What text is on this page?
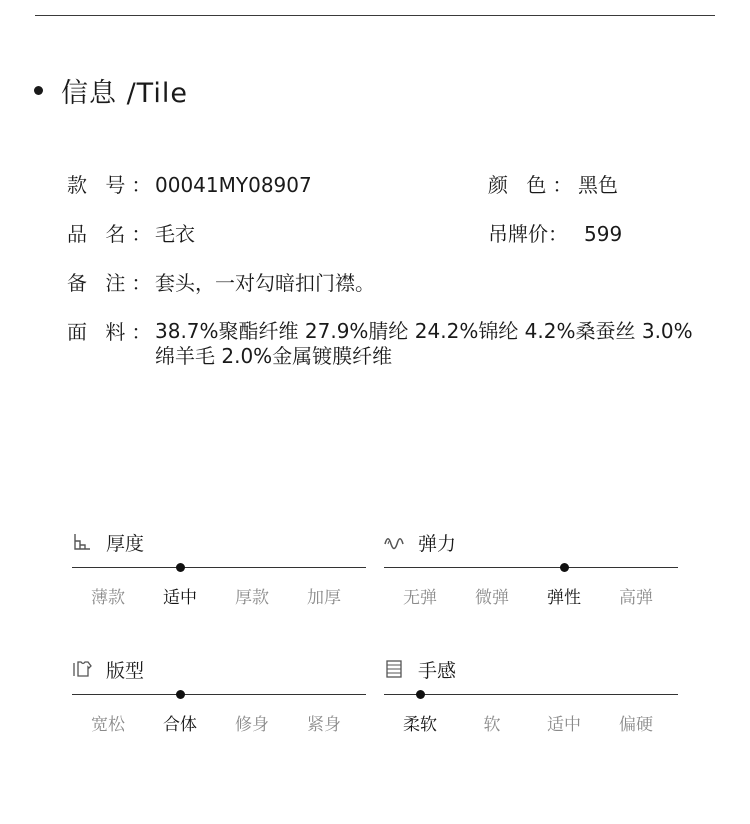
信息 /Tile
款 号：00041MY08907	颜 色：黑色
品 名：毛衣	吊牌价： 599
备 注：套头，一对勾暗扣门襟。
面 料：38.7%聚酯纤维 27.9%腈纶 24.2%锦纶 4.2%桑蚕丝 3.0%绵羊毛 2.0%金属镀膜纤维
厚度
薄款	适中	厚款	加厚
弹力
无弹	微弹	弹性	高弹
版型
宽松	合体	修身	紧身
手感
柔软	软	适中	偏硬
